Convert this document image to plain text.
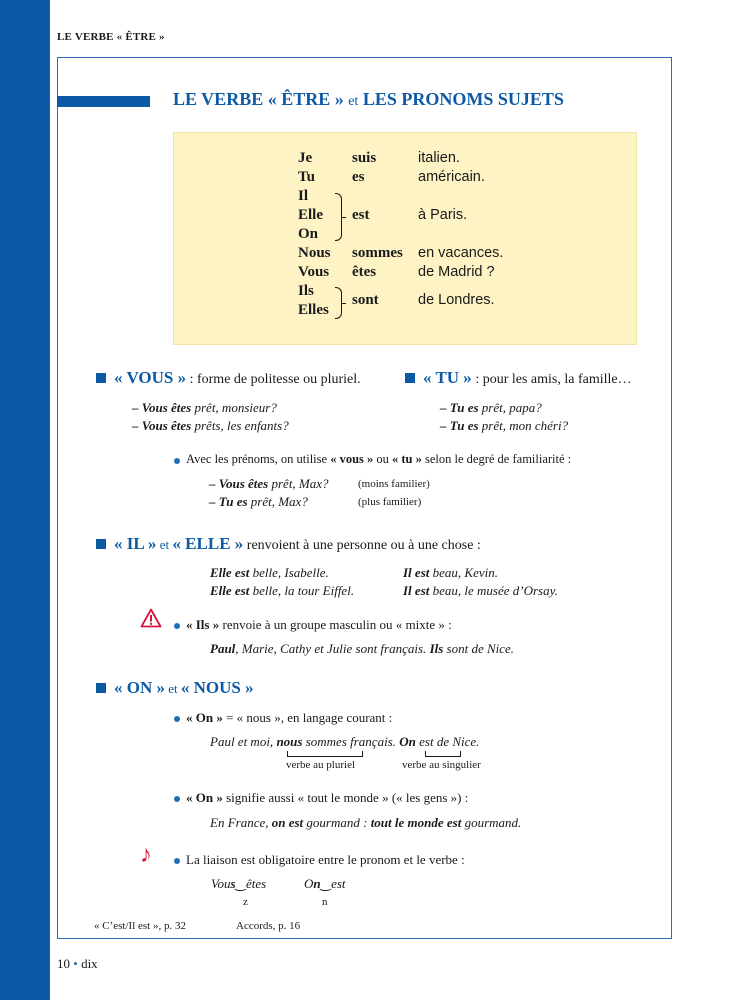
LE VERBE « ÊTRE »
LE VERBE « ÊTRE » et LES PRONOMS SUJETS
Je	suis	italien.
Tu es	américain.
Il
Elle
On
est	à Paris.
Nous sommes en vacances.
Vous êtes	de Madrid ?
Ils
Elles
sont	de Londres.
« VOUS » : forme de politesse ou pluriel.	« TU » : pour les amis, la famille…
– Vous êtes prêt, monsieur?
– Vous êtes prêts, les enfants?
– Tu es prêt, papa?
– Tu es prêt, mon chéri?
Avec les prénoms, on utilise « vous » ou « tu » selon le degré de familiarité :
– Vous êtes prêt, Max?	(moins familier)
– Tu es prêt, Max?	(plus familier)
« IL » et « ELLE » renvoient à une personne ou à une chose :
Elle est belle, Isabelle.	Il est beau, Kevin.
Elle est belle, la tour Eiffel.	Il est beau, le musée d’Orsay.
« Ils » renvoie à un groupe masculin ou « mixte » :
Paul, Marie, Cathy et Julie sont français. Ils sont de Nice.
« ON » et « NOUS »
« On » = « nous », en langage courant :
Paul et moi, nous sommes français. On est de Nice.
verbe au pluriel	verbe au singulier
« On » signifie aussi « tout le monde » (« les gens ») :
En France, on est gourmand : tout le monde est gourmand.
♪	La liaison est obligatoire entre le pronom et le verbe :
Vous‿êtes
z
On‿est
n
« C’est/Il est », p. 32	Accords, p. 16
10 • dix
